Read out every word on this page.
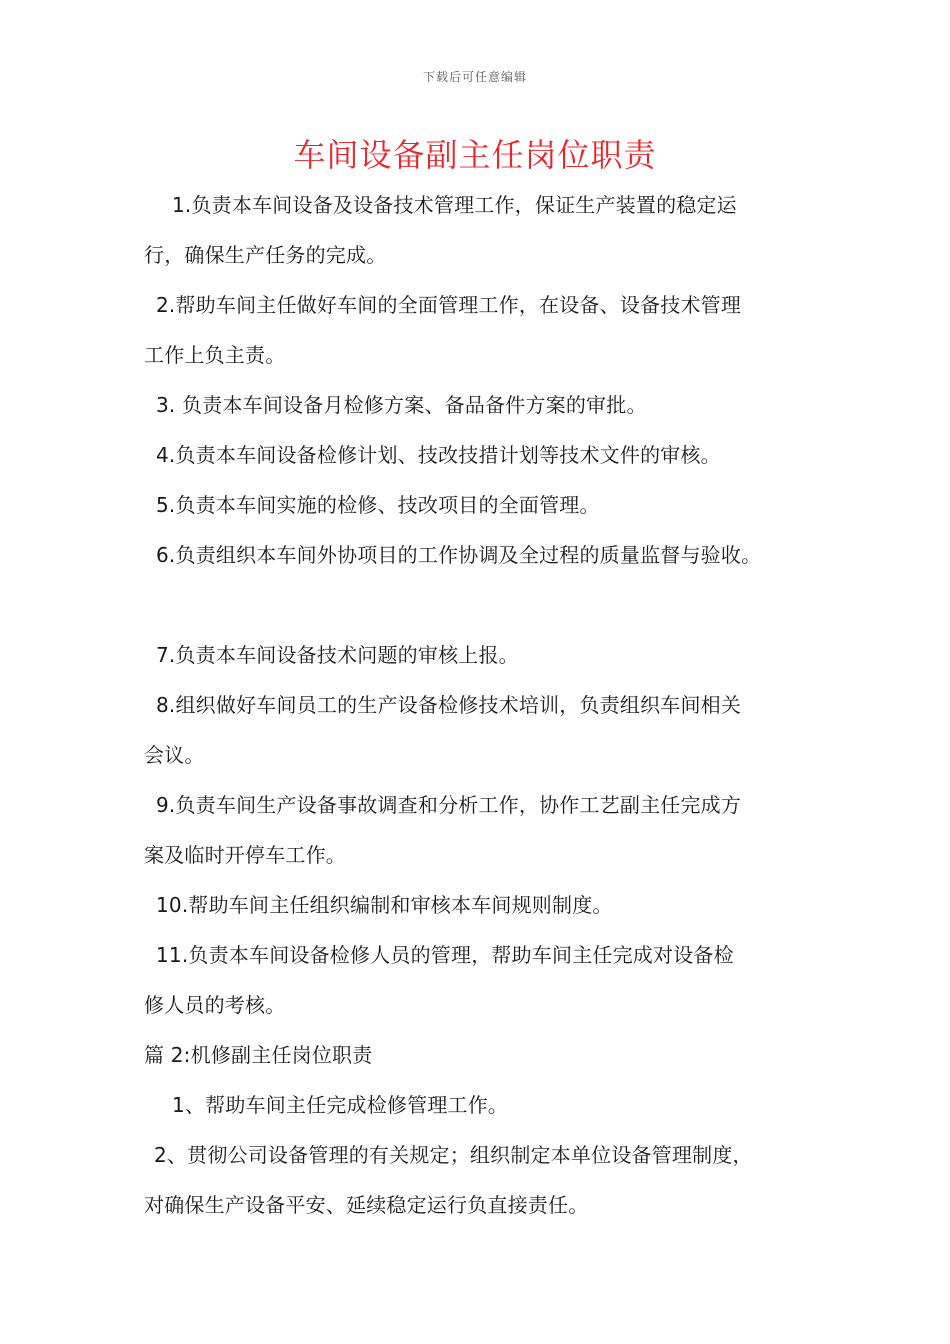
下载后可任意编辑
车间设备副主任岗位职责
1.负责本车间设备及设备技术管理工作，保证生产装置的稳定运
行，确保生产任务的完成。
2.帮助车间主任做好车间的全面管理工作，在设备、设备技术管理
工作上负主责。
3. 负责本车间设备月检修方案、备品备件方案的审批。
4.负责本车间设备检修计划、技改技措计划等技术文件的审核。
5.负责本车间实施的检修、技改项目的全面管理。
6.负责组织本车间外协项目的工作协调及全过程的质量监督与验收。
7.负责本车间设备技术问题的审核上报。
8.组织做好车间员工的生产设备检修技术培训，负责组织车间相关
会议。
9.负责车间生产设备事故调查和分析工作，协作工艺副主任完成方
案及临时开停车工作。
10.帮助车间主任组织编制和审核本车间规则制度。
11.负责本车间设备检修人员的管理，帮助车间主任完成对设备检
修人员的考核。
篇 2:机修副主任岗位职责
1、帮助车间主任完成检修管理工作。
2、贯彻公司设备管理的有关规定；组织制定本单位设备管理制度，
对确保生产设备平安、延续稳定运行负直接责任。
